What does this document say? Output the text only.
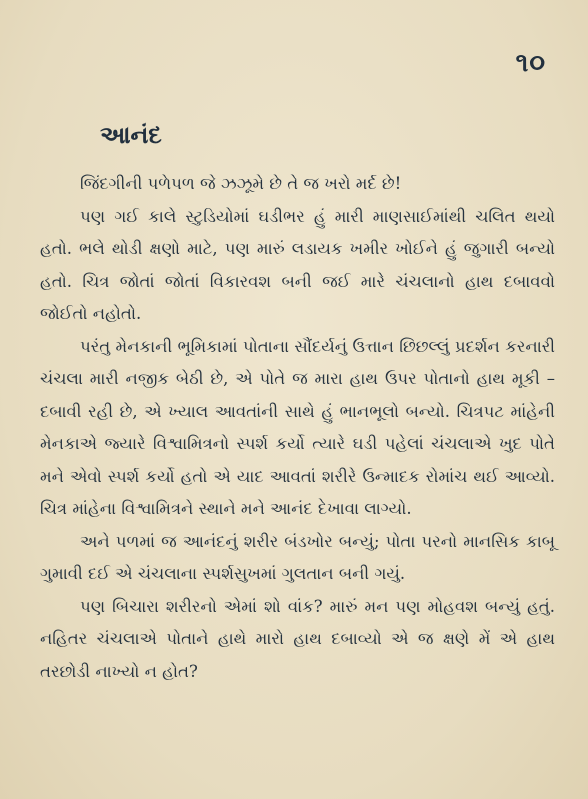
૧૦
આનંદ

જિંદગીની પળેપળ જે ઝઝૂમે છે તે જ ખરો મર્દ છે!

પણ ગઈ કાલે સ્ટુડિયોમાં ઘડીભર હું મારી માણસાઈમાંથી ચલિત થયો હતો. ભલે થોડી ક્ષણો માટે, પણ મારું લડાયક ખમીર ખોઈને હું જુગારી બન્યો હતો. ચિત્ર જોતાં જોતાં વિકારવશ બની જઈ મારે ચંચલાનો હાથ દબાવવો જોઈતો નહોતો.

પરંતુ મેનકાની ભૂમિકામાં પોતાના સૌંદર્યનું ઉત્તાન છિછલ્લું પ્રદર્શન કરનારી ચંચલા મારી નજીક બેઠી છે, એ પોતે જ મારા હાથ ઉપર પોતાનો હાથ મૂકી – દબાવી રહી છે, એ ખ્યાલ આવતાંની સાથે હું ભાનભૂલો બન્યો. ચિત્રપટ માંહેની મેનકાએ જ્યારે વિશ્વામિત્રનો સ્પર્શ કર્યો ત્યારે ઘડી પહેલાં ચંચલાએ ખુદ પોતે મને એવો સ્પર્શ કર્યો હતો એ યાદ આવતાં શરીરે ઉન્માદક રોમાંચ થઈ આવ્યો. ચિત્ર માંહેના વિશ્વામિત્રને સ્થાને મને આનંદ દેખાવા લાગ્યો.

અને પળમાં જ આનંદનું શરીર બંડખોર બન્યું; પોતા પરનો માનસિક કાબૂ ગુમાવી દઈ એ ચંચલાના સ્પર્શસુખમાં ગુલતાન બની ગયું.

પણ બિચારા શરીરનો એમાં શો વાંક? મારું મન પણ મોહવશ બન્યું હતું. નહિતર ચંચલાએ પોતાને હાથે મારો હાથ દબાવ્યો એ જ ક્ષણે મેં એ હાથ તરછોડી નાખ્યો ન હોત?
